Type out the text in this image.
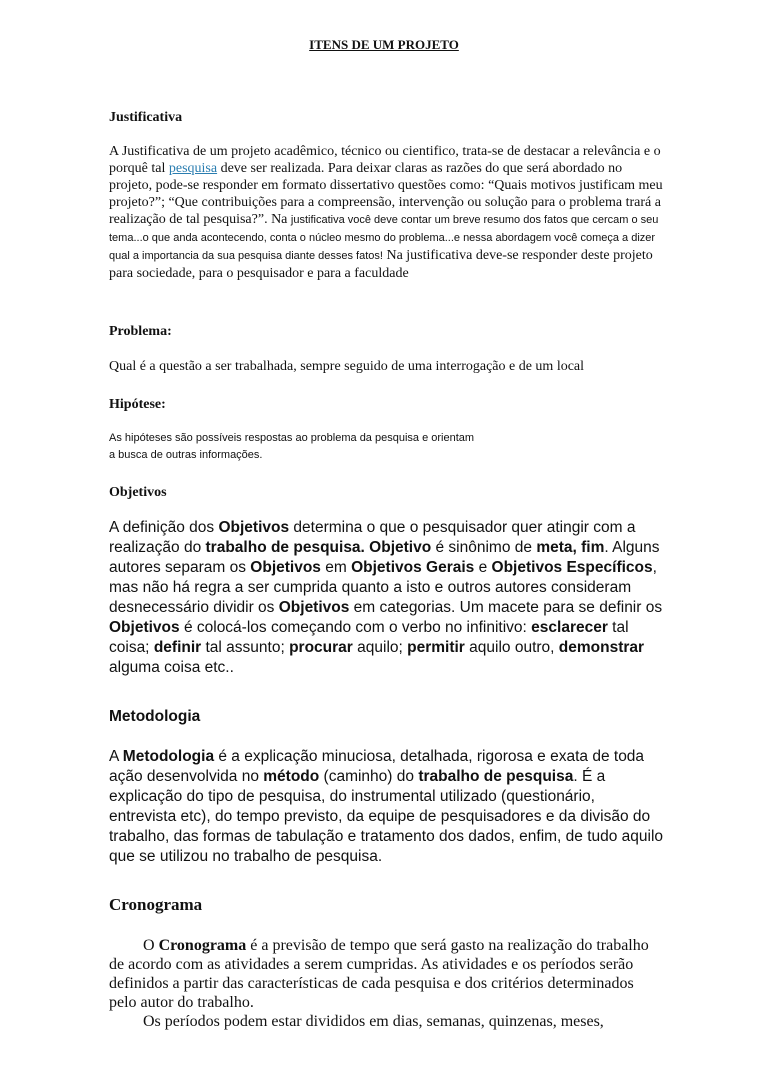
ITENS DE UM PROJETO
Justificativa
A Justificativa de um projeto acadêmico, técnico ou cientifico, trata-se de destacar a relevância e o porquê tal pesquisa deve ser realizada. Para deixar claras as razões do que será abordado no projeto, pode-se responder em formato dissertativo questões como: “Quais motivos justificam meu projeto?”; “Que contribuições para a compreensão, intervenção ou solução para o problema trará a realização de tal pesquisa?”. Na justificativa você deve contar um breve resumo dos fatos que cercam o seu tema...o que anda acontecendo, conta o núcleo mesmo do problema...e nessa abordagem você começa a dizer qual a importancia da sua pesquisa diante desses fatos! Na justificativa deve-se responder deste projeto para sociedade, para o pesquisador e para a faculdade
Problema:
Qual é a questão a ser trabalhada, sempre seguido de uma interrogação e de um local
Hipótese:
As hipóteses são possíveis respostas ao problema da pesquisa e orientam
a busca de outras informações.
Objetivos
A definição dos Objetivos determina o que o pesquisador quer atingir com a realização do trabalho de pesquisa. Objetivo é sinônimo de meta, fim. Alguns autores separam os Objetivos em Objetivos Gerais e Objetivos Específicos, mas não há regra a ser cumprida quanto a isto e outros autores consideram desnecessário dividir os Objetivos em categorias. Um macete para se definir os Objetivos é colocá-los começando com o verbo no infinitivo: esclarecer tal coisa; definir tal assunto; procurar aquilo; permitir aquilo outro, demonstrar alguma coisa etc..
Metodologia
A Metodologia é a explicação minuciosa, detalhada, rigorosa e exata de toda ação desenvolvida no método (caminho) do trabalho de pesquisa. É a explicação do tipo de pesquisa, do instrumental utilizado (questionário, entrevista etc), do tempo previsto, da equipe de pesquisadores e da divisão do trabalho, das formas de tabulação e tratamento dos dados, enfim, de tudo aquilo que se utilizou no trabalho de pesquisa.
Cronograma
O Cronograma é a previsão de tempo que será gasto na realização do trabalho de acordo com as atividades a serem cumpridas. As atividades e os períodos serão definidos a partir das características de cada pesquisa e dos critérios determinados pelo autor do trabalho.
Os períodos podem estar divididos em dias, semanas, quinzenas, meses,
